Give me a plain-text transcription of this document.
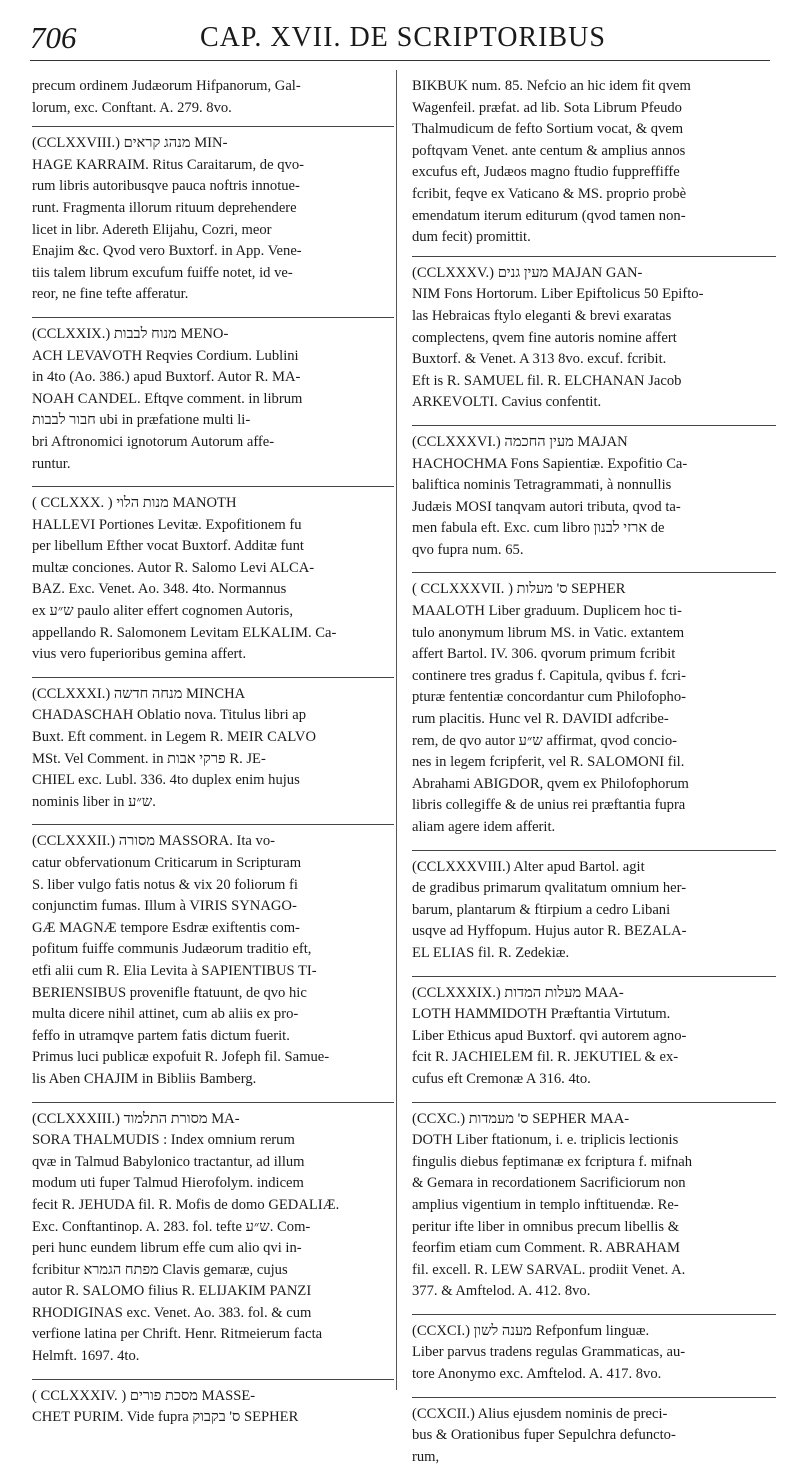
706	CAP. XVII. DE SCRIPTORIBUS
precum ordinem Judæorum Hifpanorum, Gal-
lorum, exc. Conftant. A. 279. 8vo.
(CCLXXVIII.) מנהג קראים MIN-
HAGE KARRAIM. Ritus Caraitarum, de qvo-
rum libris autoribusqve pauca noftris innotue-
runt. Fragmenta illorum rituum deprehendere
licet in libr. Adereth Elijahu, Cozri, meor
Enajim &c. Qvod vero Buxtorf. in App. Vene-
tiis talem librum excufum fuiffe notet, id ve-
reor, ne fine tefte afferatur.
(CCLXXIX.) מנוח לבבות MENO-
ACH LEVAVOTH Reqvies Cordium. Lublini
in 4to (Ao. 386.) apud Buxtorf. Autor R. MA-
NOAH CANDEL. Eftqve comment. in librum
חבור לבבות ubi in præfatione multi li-
bri Aftronomici ignotorum Autorum affe-
runtur.
( CCLXXX. ) מנות הלוי MANOTH
HALLEVI Portiones Levitæ. Expofitionem fu
per libellum Efther vocat Buxtorf. Additæ funt
multæ conciones. Autor R. Salomo Levi ALCA-
BAZ. Exc. Venet. Ao. 348. 4to. Normannus
ex ש״ע paulo aliter effert cognomen Autoris,
appellando R. Salomonem Levitam ELKALIM. Ca-
vius vero fuperioribus gemina affert.
(CCLXXXI.) מנחה חדשה MINCHA
CHADASCHAH Oblatio nova. Titulus libri ap
Buxt. Eft comment. in Legem R. MEIR CALVO
MSt. Vel Comment. in פרקי אבות R. JE-
CHIEL exc. Lubl. 336. 4to duplex enim hujus
nominis liber in ש״ע.
(CCLXXXII.) מסורה MASSORA. Ita vo-
catur obfervationum Criticarum in Scripturam
S. liber vulgo fatis notus & vix 20 foliorum fi
conjunctim fumas. Illum à VIRIS SYNAGO-
GÆ MAGNÆ tempore Esdræ exiftentis com-
pofitum fuiffe communis Judæorum traditio eft,
etfi alii cum R. Elia Levita à SAPIENTIBUS TI-
BERIENSIBUS provenifle ftatuunt, de qvo hic
multa dicere nihil attinet, cum ab aliis ex pro-
feffo in utramqve partem fatis dictum fuerit.
Primus luci publicæ expofuit R. Jofeph fil. Samue-
lis Aben CHAJIM in Bibliis Bamberg.
(CCLXXXIII.) מסורת התלמוד MA-
SORA THALMUDIS : Index omnium rerum
qvæ in Talmud Babylonico tractantur, ad illum
modum uti fuper Talmud Hierofolym. indicem
fecit R. JEHUDA fil. R. Mofis de domo GEDALIÆ.
Exc. Conftantinop. A. 283. fol. tefte ש״ע. Com-
peri hunc eundem librum effe cum alio qvi in-
fcribitur מפתח הגמרא Clavis gemaræ, cujus
autor R. SALOMO filius R. ELIJAKIM PANZI
RHODIGINAS exc. Venet. Ao. 383. fol. & cum
verfione latina per Chrift. Henr. Ritmeierum facta
Helmft. 1697. 4to.
( CCLXXXIV. ) מסכת פורים MASSE-
CHET PURIM. Vide fupra ס' בקבוק SEPHER
BIKBUK num. 85. Nefcio an hic idem fit qvem
Wagenfeil. præfat. ad lib. Sota Librum Pfeudo
Thalmudicum de fefto Sortium vocat, & qvem
poftqvam Venet. ante centum & amplius annos
excufus eft, Judæos magno ftudio fuppreffiffe
fcribit, feqve ex Vaticano & MS. proprio probè
emendatum iterum editurum (qvod tamen non-
dum fecit) promittit.
(CCLXXXV.) מעין גנים MAJAN GAN-
NIM Fons Hortorum. Liber Epiftolicus 50 Epifto-
las Hebraicas ftylo eleganti & brevi exaratas
complectens, qvem fine autoris nomine affert
Buxtorf. & Venet. A 313 8vo. excuf. fcribit.
Eft is R. SAMUEL fil. R. ELCHANAN Jacob
ARKEVOLTI. Cavius confentit.
(CCLXXXVI.) מעין החכמה MAJAN
HACHOCHMA Fons Sapientiæ. Expofitio Ca-
baliftica nominis Tetragrammati, à nonnullis
Judæis MOSI tanqvam autori tributa, qvod ta-
men fabula eft. Exc. cum libro ארזי לבנון de
qvo fupra num. 65.
( CCLXXXVII. ) ס' מעלות SEPHER
MAALOTH Liber graduum. Duplicem hoc ti-
tulo anonymum librum MS. in Vatic. extantem
affert Bartol. IV. 306. qvorum primum fcribit
continere tres gradus f. Capitula, qvibus f. fcri-
pturæ fententiæ concordantur cum Philofopho-
rum placitis. Hunc vel R. DAVIDI adfcribe-
rem, de qvo autor ש״ע affirmat, qvod concio-
nes in legem fcripferit, vel R. SALOMONI fil.
Abrahami ABIGDOR, qvem ex Philofophorum
libris collegiffe & de unius rei præftantia fupra
aliam agere idem afferit.
(CCLXXXVIII.) Alter apud Bartol. agit
de gradibus primarum qvalitatum omnium her-
barum, plantarum & ftirpium a cedro Libani
usqve ad Hyffopum. Hujus autor R. BEZALA-
EL ELIAS fil. R. Zedekiæ.
(CCLXXXIX.) מעלות המדות MAA-
LOTH HAMMIDOTH Præftantia Virtutum.
Liber Ethicus apud Buxtorf. qvi autorem agno-
fcit R. JACHIELEM fil. R. JEKUTIEL & ex-
cufus eft Cremonæ A 316. 4to.
(CCXC.) ס' מעמדות SEPHER MAA-
DOTH Liber ftationum, i. e. triplicis lectionis
fingulis diebus feptimanæ ex fcriptura f. mifnah
& Gemara in recordationem Sacrificiorum non
amplius vigentium in templo inftituendæ. Re-
peritur ifte liber in omnibus precum libellis &
feorfim etiam cum Comment. R. ABRAHAM
fil. excell. R. LEW SARVAL. prodiit Venet. A.
377. & Amftelod. A. 412. 8vo.
(CCXCI.) מענה לשון Refponfum linguæ.
Liber parvus tradens regulas Grammaticas, au-
tore Anonymo exc. Amftelod. A. 417. 8vo.
(CCXCII.) Alius ejusdem nominis de preci-
bus & Orationibus fuper Sepulchra defuncto-
rum,
